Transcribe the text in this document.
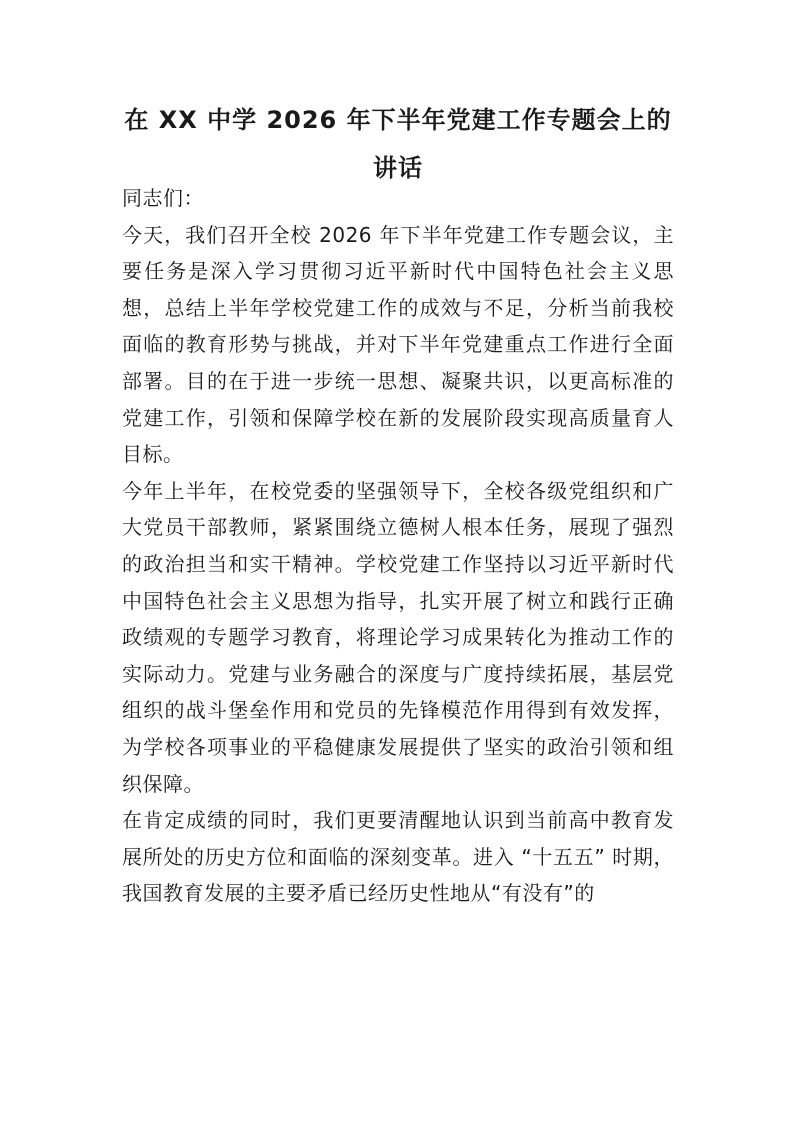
在 XX 中学 2026 年下半年党建工作专题会上的讲话

同志们：

今天，我们召开全校 2026 年下半年党建工作专题会议，主要任务是深入学习贯彻习近平新时代中国特色社会主义思想，总结上半年学校党建工作的成效与不足，分析当前我校面临的教育形势与挑战，并对下半年党建重点工作进行全面部署。目的在于进一步统一思想、凝聚共识，以更高标准的党建工作，引领和保障学校在新的发展阶段实现高质量育人目标。

今年上半年，在校党委的坚强领导下，全校各级党组织和广大党员干部教师，紧紧围绕立德树人根本任务，展现了强烈的政治担当和实干精神。学校党建工作坚持以习近平新时代中国特色社会主义思想为指导，扎实开展了树立和践行正确政绩观的专题学习教育，将理论学习成果转化为推动工作的实际动力。党建与业务融合的深度与广度持续拓展，基层党组织的战斗堡垒作用和党员的先锋模范作用得到有效发挥，为学校各项事业的平稳健康发展提供了坚实的政治引领和组织保障。

在肯定成绩的同时，我们更要清醒地认识到当前高中教育发展所处的历史方位和面临的深刻变革。进入 “十五五” 时期，我国教育发展的主要矛盾已经历史性地从“有没有”的
